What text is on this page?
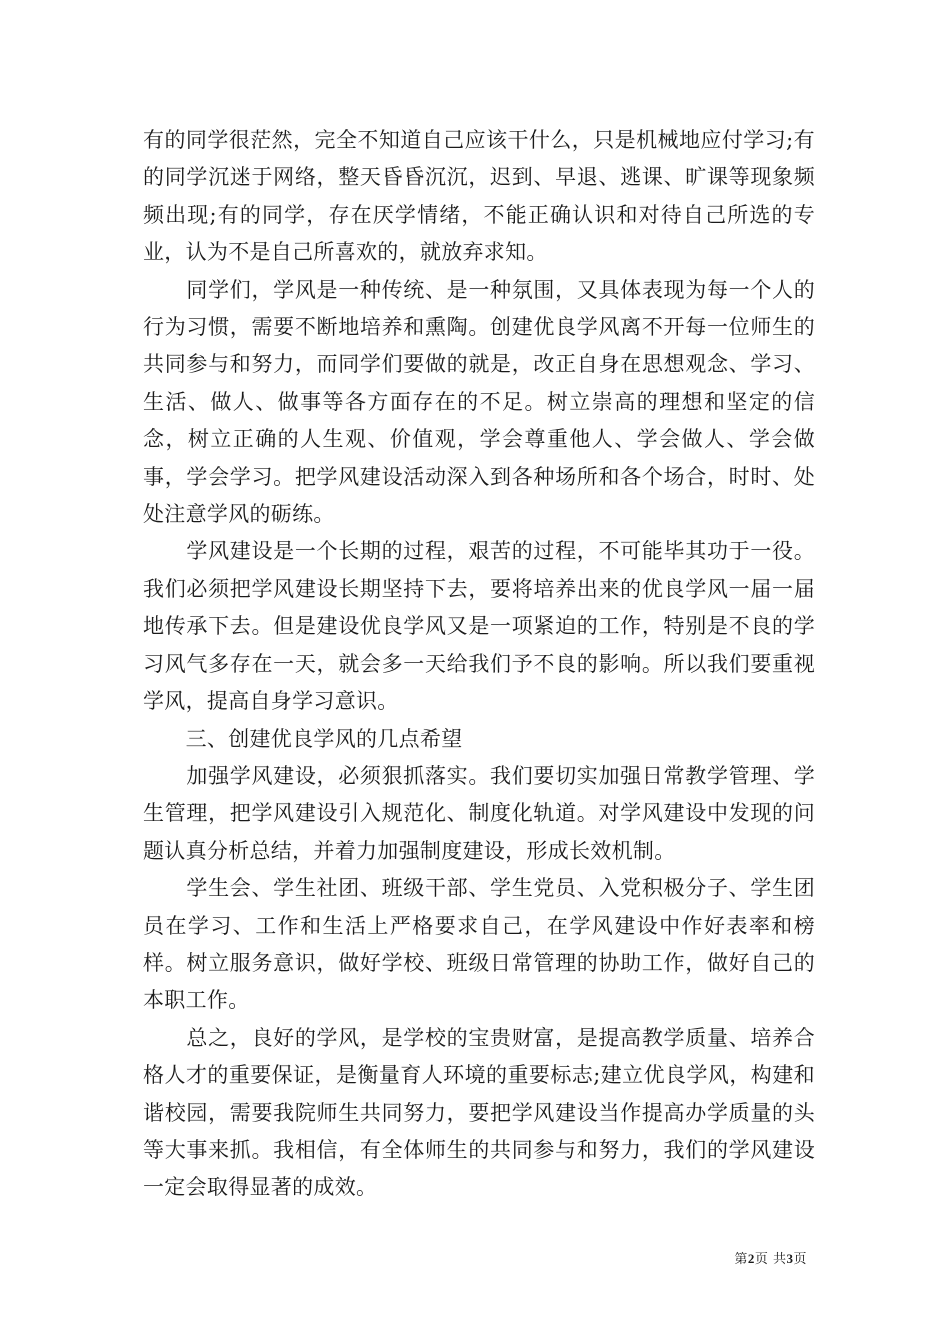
有的同学很茫然，完全不知道自己应该干什么，只是机械地应付学习;有的同学沉迷于网络，整天昏昏沉沉，迟到、早退、逃课、旷课等现象频频出现;有的同学，存在厌学情绪，不能正确认识和对待自己所选的专业，认为不是自己所喜欢的，就放弃求知。

　　同学们，学风是一种传统、是一种氛围，又具体表现为每一个人的行为习惯，需要不断地培养和熏陶。创建优良学风离不开每一位师生的共同参与和努力，而同学们要做的就是，改正自身在思想观念、学习、生活、做人、做事等各方面存在的不足。树立崇高的理想和坚定的信念，树立正确的人生观、价值观，学会尊重他人、学会做人、学会做事，学会学习。把学风建设活动深入到各种场所和各个场合，时时、处处注意学风的砺练。

　　学风建设是一个长期的过程，艰苦的过程，不可能毕其功于一役。我们必须把学风建设长期坚持下去，要将培养出来的优良学风一届一届地传承下去。但是建设优良学风又是一项紧迫的工作，特别是不良的学习风气多存在一天，就会多一天给我们予不良的影响。所以我们要重视学风，提高自身学习意识。

　　三、创建优良学风的几点希望

　　加强学风建设，必须狠抓落实。我们要切实加强日常教学管理、学生管理，把学风建设引入规范化、制度化轨道。对学风建设中发现的问题认真分析总结，并着力加强制度建设，形成长效机制。

　　学生会、学生社团、班级干部、学生党员、入党积极分子、学生团员在学习、工作和生活上严格要求自己，在学风建设中作好表率和榜样。树立服务意识，做好学校、班级日常管理的协助工作，做好自己的本职工作。

　　总之，良好的学风，是学校的宝贵财富，是提高教学质量、培养合格人才的重要保证，是衡量育人环境的重要标志;建立优良学风，构建和谐校园，需要我院师生共同努力，要把学风建设当作提高办学质量的头等大事来抓。我相信，有全体师生的共同参与和努力，我们的学风建设一定会取得显著的成效。

第2页 共3页
